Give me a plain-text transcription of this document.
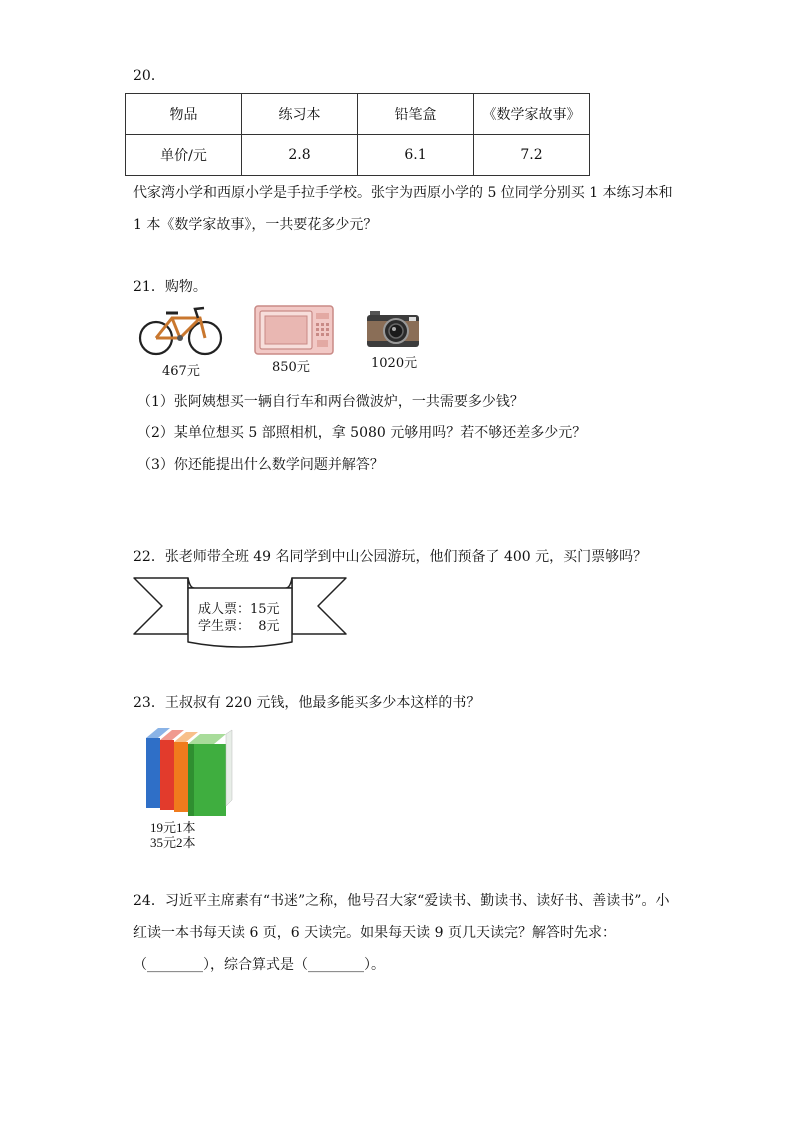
20．
物品	练习本	铅笔盒	《数学家故事》
单价/元	2.8	6.1	7.2
代家湾小学和西原小学是手拉手学校。张宇为西原小学的 5 位同学分别买 1 本练习本和
1 本《数学家故事》，一共要花多少元？
21．购物。
467元	850元	1020元
（1）张阿姨想买一辆自行车和两台微波炉，一共需要多少钱？
（2）某单位想买 5 部照相机，拿 5080 元够用吗？若不够还差多少元？
（3）你还能提出什么数学问题并解答？
22．张老师带全班 49 名同学到中山公园游玩，他们预备了 400 元，买门票够吗？
成人票：15元
学生票：  8元
23．王叔叔有 220 元钱，他最多能买多少本这样的书？
19元1本
35元2本
24．习近平主席素有“书迷”之称，他号召大家“爱读书、勤读书、读好书、善读书”。小
红读一本书每天读 6 页，6 天读完。如果每天读 9 页几天读完？解答时先求：
（________），综合算式是（________）。
